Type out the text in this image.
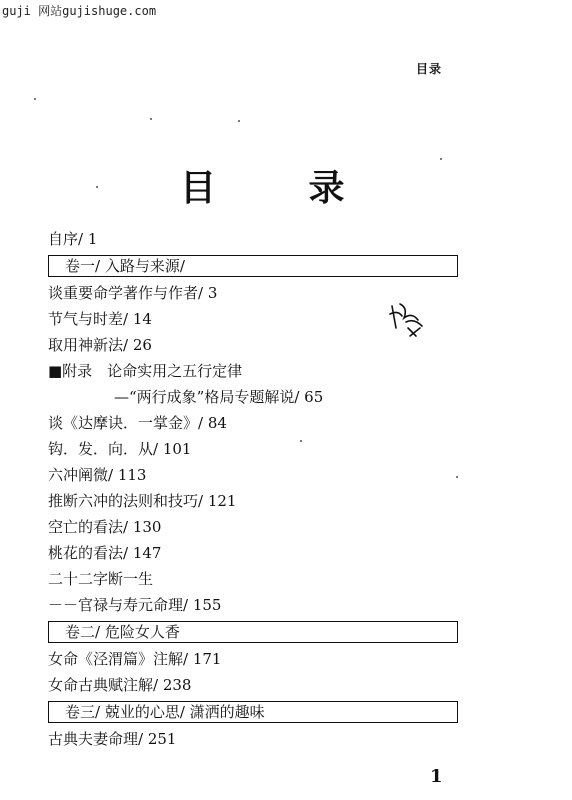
guji 网站gujishuge.com
目录
目 录
自序/ 1
卷一/ 入路与来源/
谈重要命学著作与作者/ 3
节气与时差/ 14
取用神新法/ 26
■附录　论命实用之五行定律
—“两行成象”格局专题解说/ 65
谈《达摩诀．一掌金》/ 84
钩．发．向．从/ 101
六冲阐微/ 113
推断六冲的法则和技巧/ 121
空亡的看法/ 130
桃花的看法/ 147
二十二字断一生
－－官禄与寿元命理/ 155
卷二/ 危险女人香
女命《泾渭篇》注解/ 171
女命古典赋注解/ 238
卷三/ 兢业的心思/ 潇洒的趣味
古典夫妻命理/ 251
1
